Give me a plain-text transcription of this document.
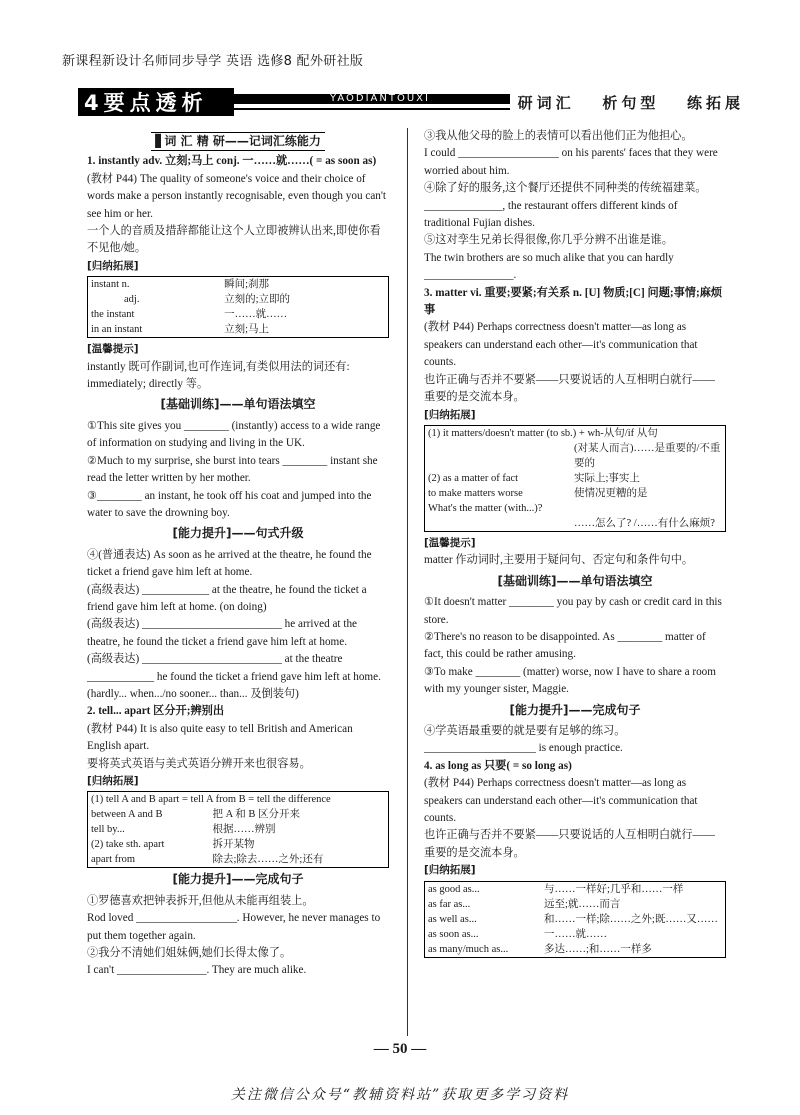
新课程新设计名师同步导学 英语 选修8 配外研社版
4要点透析	YAODIANTOUXI	研词汇   析句型   练拓展
▋词 汇 精 研——记词汇练能力

1. instantly adv. 立刻;马上 conj. 一……就……( = as soon as)

(教材 P44) The quality of someone's voice and their choice of words make a person instantly recognisable, even though you can't see him or her.

一个人的音质及措辞都能让这个人立即被辨认出来,即使你看不见他/她。

[归纳拓展]

instant n.	瞬间;刹那
adj.	立刻的;立即的
the instant	一……就……
in an instant	立刻;马上

[温馨提示]

instantly 既可作副词,也可作连词,有类似用法的词还有: immediately; directly 等。

[基础训练]——单句语法填空

①This site gives you ________ (instantly) access to a wide range of information on studying and living in the UK.

②Much to my surprise, she burst into tears ________ instant she read the letter written by her mother.

③________ an instant, he took off his coat and jumped into the water to save the drowning boy.

[能力提升]——句式升级

④(普通表达) As soon as he arrived at the theatre, he found the ticket a friend gave him left at home.

(高级表达) ____________ at the theatre, he found the ticket a friend gave him left at home. (on doing)

(高级表达) _________________________ he arrived at the theatre, he found the ticket a friend gave him left at home.

(高级表达) _________________________ at the theatre ____________ he found the ticket a friend gave him left at home. (hardly... when.../no sooner... than... 及倒装句)

2. tell... apart 区分开;辨别出

(教材 P44) It is also quite easy to tell British and American English apart.

要将英式英语与美式英语分辨开来也很容易。

[归纳拓展]

(1) tell A and B apart = tell A from B = tell the difference	
between A and B	把 A 和 B 区分开来
tell by...	根据……辨别
(2) take sth. apart	拆开某物
apart from	除去;除去……之外;还有
[能力提升]——完成句子

①罗德喜欢把钟表拆开,但他从未能再组装上。

Rod loved __________________. However, he never manages to put them together again.

②我分不清她们姐妹俩,她们长得太像了。

I can't ________________. They are much alike.

③我从他父母的脸上的表情可以看出他们正为他担心。

I could __________________ on his parents' faces that they were worried about him.

④除了好的服务,这个餐厅还提供不同种类的传统福建菜。

______________, the restaurant offers different kinds of traditional Fujian dishes.

⑤这对孪生兄弟长得很像,你几乎分辨不出谁是谁。

The twin brothers are so much alike that you can hardly ________________.

3. matter vi. 重要;要紧;有关系 n. [U] 物质;[C] 问题;事情;麻烦事

(教材 P44) Perhaps correctness doesn't matter—as long as speakers can understand each other—it's communication that counts.

也许正确与否并不要紧——只要说话的人互相明白就行——重要的是交流本身。

[归纳拓展]

(1) it matters/doesn't matter (to sb.) + wh-从句/if 从句	
	(对某人而言)……是重要的/不重要的
(2) as a matter of fact	实际上;事实上
to make matters worse	使情况更糟的是
What's the matter (with...)?	
	……怎么了? /……有什么麻烦?

[温馨提示]

matter 作动词时,主要用于疑问句、否定句和条件句中。

[基础训练]——单句语法填空

①It doesn't matter ________ you pay by cash or credit card in this store.

②There's no reason to be disappointed. As ________ matter of fact, this could be rather amusing.

③To make ________ (matter) worse, now I have to share a room with my younger sister, Maggie.

[能力提升]——完成句子

④学英语最重要的就是要有足够的练习。

____________________ is enough practice.

4. as long as 只要( = so long as)

(教材 P44) Perhaps correctness doesn't matter—as long as speakers can understand each other—it's communication that counts.

也许正确与否并不要紧——只要说话的人互相明白就行——重要的是交流本身。

[归纳拓展]

as good as...	与……一样好;几乎和……一样
as far as...	远至;就……而言
as well as...	和……一样;除……之外;既……又……
as soon as...	一……就……
as many/much as...	多达……;和……一样多
— 50 —
关注微信公众号“教辅资料站”获取更多学习资料
